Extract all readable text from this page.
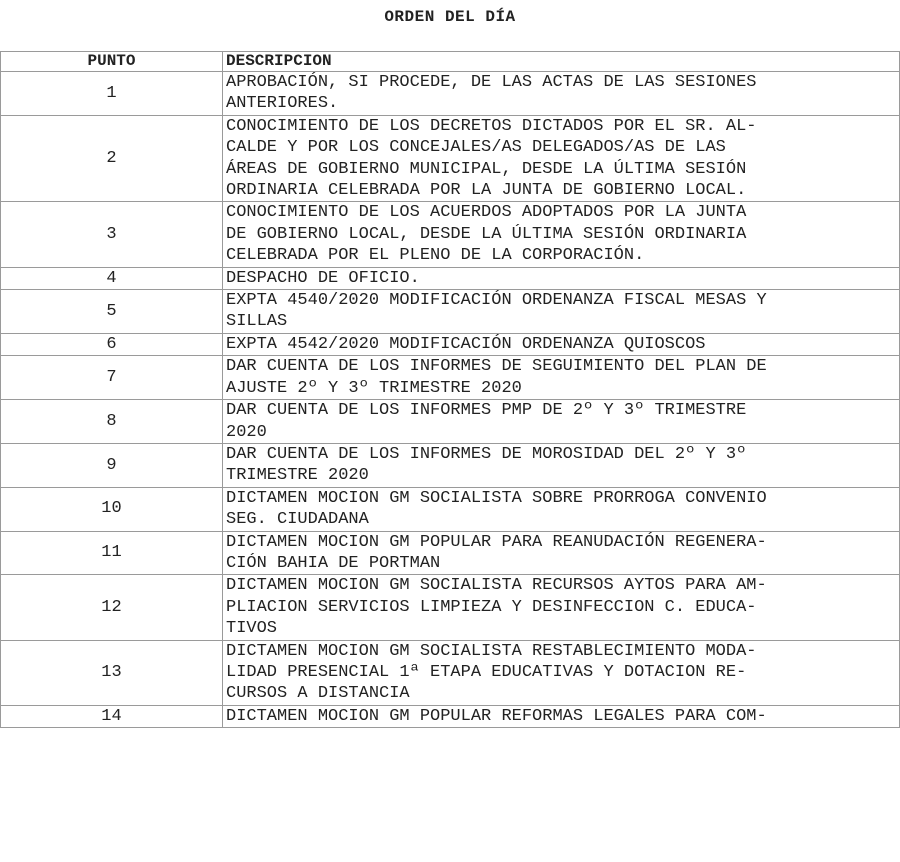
ORDEN DEL DÍA
PUNTO	DESCRIPCION
1	APROBACIÓN, SI PROCEDE, DE LAS ACTAS DE LAS SESIONES
ANTERIORES.
2	CONOCIMIENTO DE LOS DECRETOS DICTADOS POR EL SR. AL-
CALDE Y POR LOS CONCEJALES/AS DELEGADOS/AS DE LAS
ÁREAS DE GOBIERNO MUNICIPAL, DESDE LA ÚLTIMA SESIÓN
ORDINARIA CELEBRADA POR LA JUNTA DE GOBIERNO LOCAL.
3	CONOCIMIENTO DE LOS ACUERDOS ADOPTADOS POR LA JUNTA
DE GOBIERNO LOCAL, DESDE LA ÚLTIMA SESIÓN ORDINARIA
CELEBRADA POR EL PLENO DE LA CORPORACIÓN.
4	DESPACHO DE OFICIO.
5	EXPTA 4540/2020 MODIFICACIÓN ORDENANZA FISCAL MESAS Y
SILLAS
6	EXPTA 4542/2020 MODIFICACIÓN ORDENANZA QUIOSCOS
7	DAR CUENTA DE LOS INFORMES DE SEGUIMIENTO DEL PLAN DE
AJUSTE 2º Y 3º TRIMESTRE 2020
8	DAR CUENTA DE LOS INFORMES PMP DE 2º Y 3º TRIMESTRE
2020
9	DAR CUENTA DE LOS INFORMES DE MOROSIDAD DEL 2º Y 3º
TRIMESTRE 2020
10	DICTAMEN MOCION GM SOCIALISTA SOBRE PRORROGA CONVENIO
SEG. CIUDADANA
11	DICTAMEN MOCION GM POPULAR PARA REANUDACIÓN REGENERA-
CIÓN BAHIA DE PORTMAN
12	DICTAMEN MOCION GM SOCIALISTA RECURSOS AYTOS PARA AM-
PLIACION SERVICIOS LIMPIEZA Y DESINFECCION C. EDUCA-
TIVOS
13	DICTAMEN MOCION GM SOCIALISTA RESTABLECIMIENTO MODA-
LIDAD PRESENCIAL 1ª ETAPA EDUCATIVAS Y DOTACION RE-
CURSOS A DISTANCIA
14	DICTAMEN MOCION GM POPULAR REFORMAS LEGALES PARA COM-
